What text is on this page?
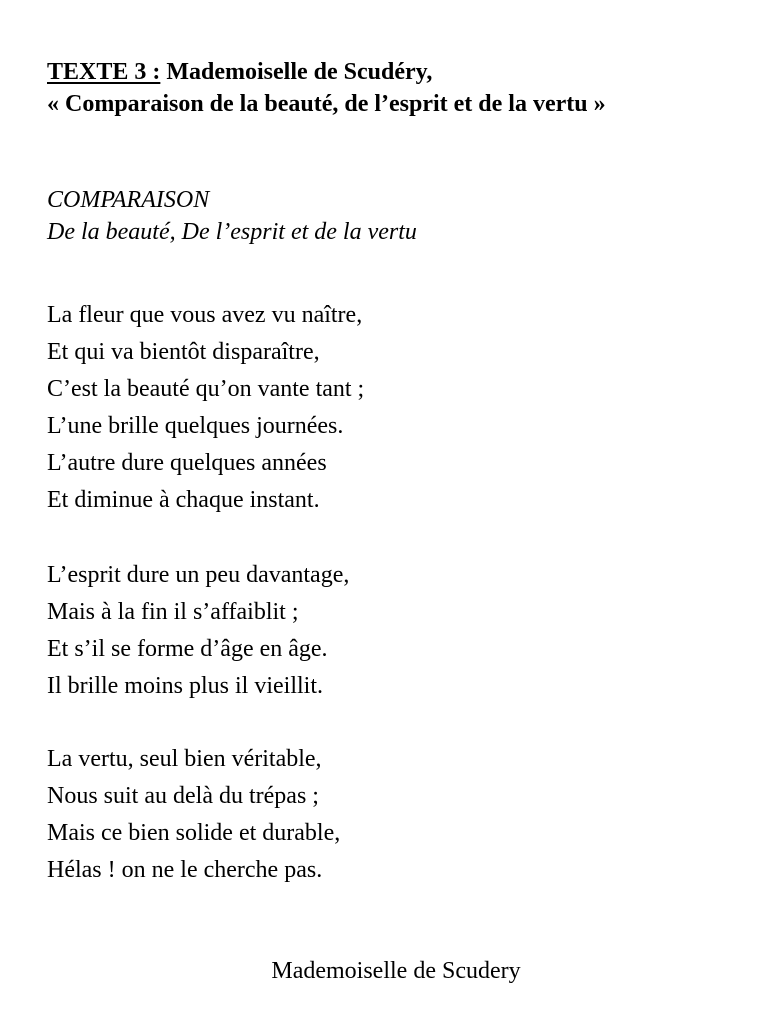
TEXTE 3 : Mademoiselle de Scudéry,
« Comparaison de la beauté, de l’esprit et de la vertu »
COMPARAISON
De la beauté, De l’esprit et de la vertu
La fleur que vous avez vu naître,
Et qui va bientôt disparaître,
C’est la beauté qu’on vante tant ;
L’une brille quelques journées.
L’autre dure quelques années
Et diminue à chaque instant.
L’esprit dure un peu davantage,
Mais à la fin il s’affaiblit ;
Et s’il se forme d’âge en âge.
Il brille moins plus il vieillit.
La vertu, seul bien véritable,
Nous suit au delà du trépas ;
Mais ce bien solide et durable,
Hélas ! on ne le cherche pas.
Mademoiselle de Scudery
